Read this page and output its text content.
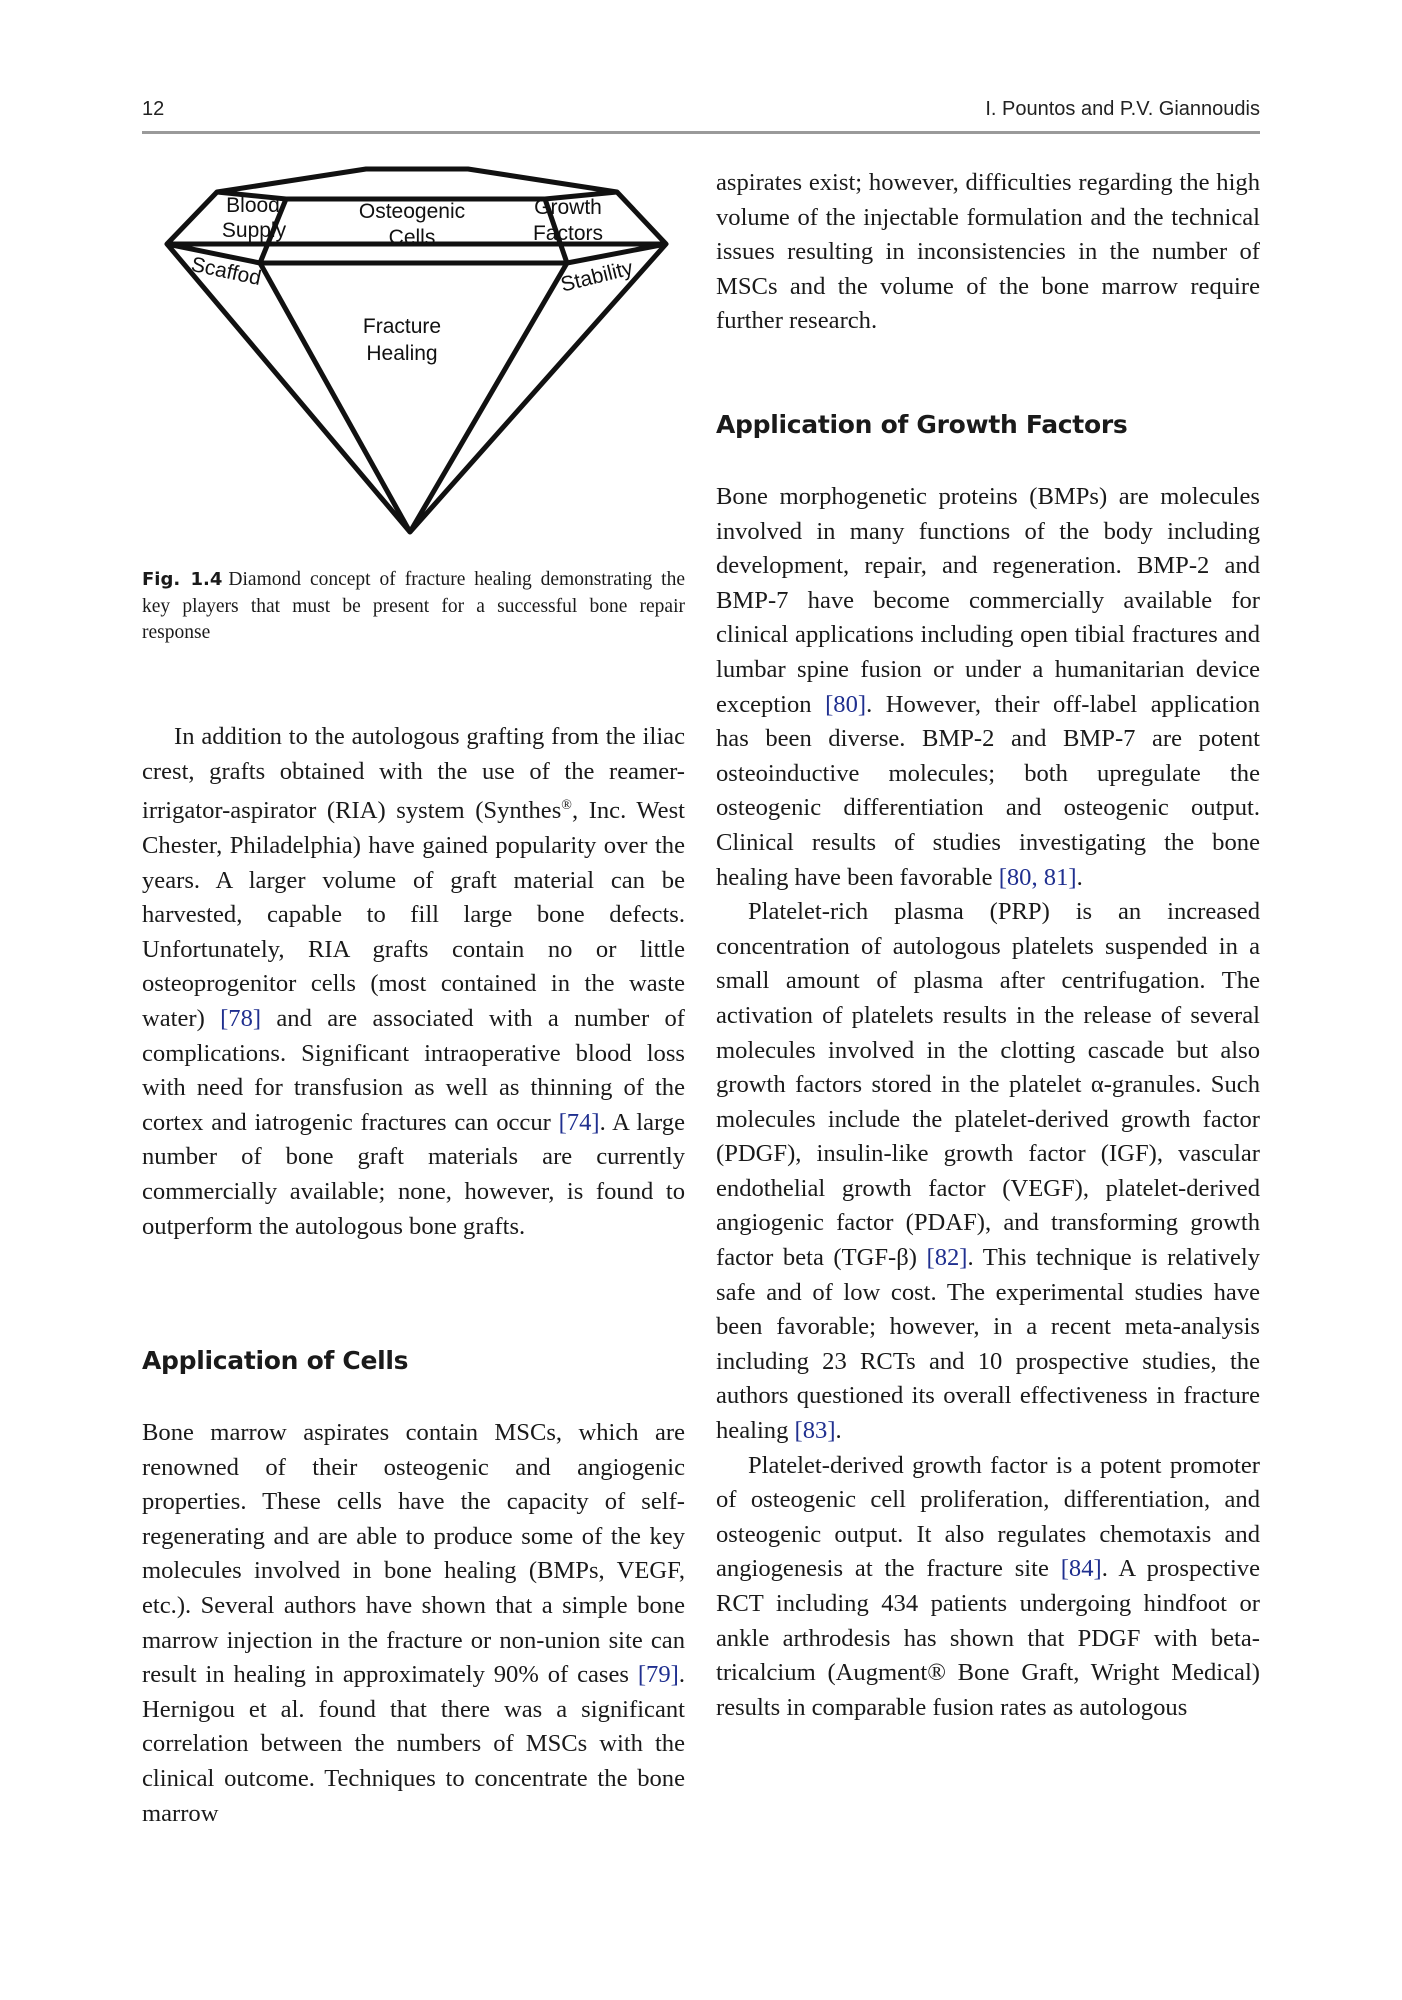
12	I. Pountos and P.V. Giannoudis
Blood
Supply
Osteogenic
Cells
Growth
Factors
Scaffod	Stability
Fracture
Healing
Fig. 1.4 Diamond concept of fracture healing demonstrating the key players that must be present for a successful bone repair response

In addition to the autologous grafting from the iliac crest, grafts obtained with the use of the reamer-irrigator-aspirator (RIA) system (Synthes®, Inc. West Chester, Philadelphia) have gained popularity over the years. A larger volume of graft material can be harvested, capable to fill large bone defects. Unfortunately, RIA grafts contain no or little osteoprogenitor cells (most contained in the waste water) [78] and are associated with a number of complications. Significant intraoperative blood loss with need for transfusion as well as thinning of the cortex and iatrogenic fractures can occur [74]. A large number of bone graft materials are currently commercially available; none, however, is found to outperform the autologous bone grafts.

Application of Cells

Bone marrow aspirates contain MSCs, which are renowned of their osteogenic and angiogenic properties. These cells have the capacity of self-regenerating and are able to produce some of the key molecules involved in bone healing (BMPs, VEGF, etc.). Several authors have shown that a simple bone marrow injection in the fracture or non-union site can result in healing in approximately 90% of cases [79]. Hernigou et al. found that there was a significant correlation between the numbers of MSCs with the clinical outcome. Techniques to concentrate the bone marrow

aspirates exist; however, difficulties regarding the high volume of the injectable formulation and the technical issues resulting in inconsistencies in the number of MSCs and the volume of the bone marrow require further research.

Application of Growth Factors

Bone morphogenetic proteins (BMPs) are molecules involved in many functions of the body including development, repair, and regeneration. BMP-2 and BMP-7 have become commercially available for clinical applications including open tibial fractures and lumbar spine fusion or under a humanitarian device exception [80]. However, their off-label application has been diverse. BMP-2 and BMP-7 are potent osteoinductive molecules; both upregulate the osteogenic differentiation and osteogenic output. Clinical results of studies investigating the bone healing have been favorable [80, 81].

Platelet-rich plasma (PRP) is an increased concentration of autologous platelets suspended in a small amount of plasma after centrifugation. The activation of platelets results in the release of several molecules involved in the clotting cascade but also growth factors stored in the platelet α-granules. Such molecules include the platelet-derived growth factor (PDGF), insulin-like growth factor (IGF), vascular endothelial growth factor (VEGF), platelet-derived angiogenic factor (PDAF), and transforming growth factor beta (TGF-β) [82]. This technique is relatively safe and of low cost. The experimental studies have been favorable; however, in a recent meta-analysis including 23 RCTs and 10 prospective studies, the authors questioned its overall effectiveness in fracture healing [83].

Platelet-derived growth factor is a potent promoter of osteogenic cell proliferation, differentiation, and osteogenic output. It also regulates chemotaxis and angiogenesis at the fracture site [84]. A prospective RCT including 434 patients undergoing hindfoot or ankle arthrodesis has shown that PDGF with beta-tricalcium (Augment® Bone Graft, Wright Medical) results in comparable fusion rates as autologous
